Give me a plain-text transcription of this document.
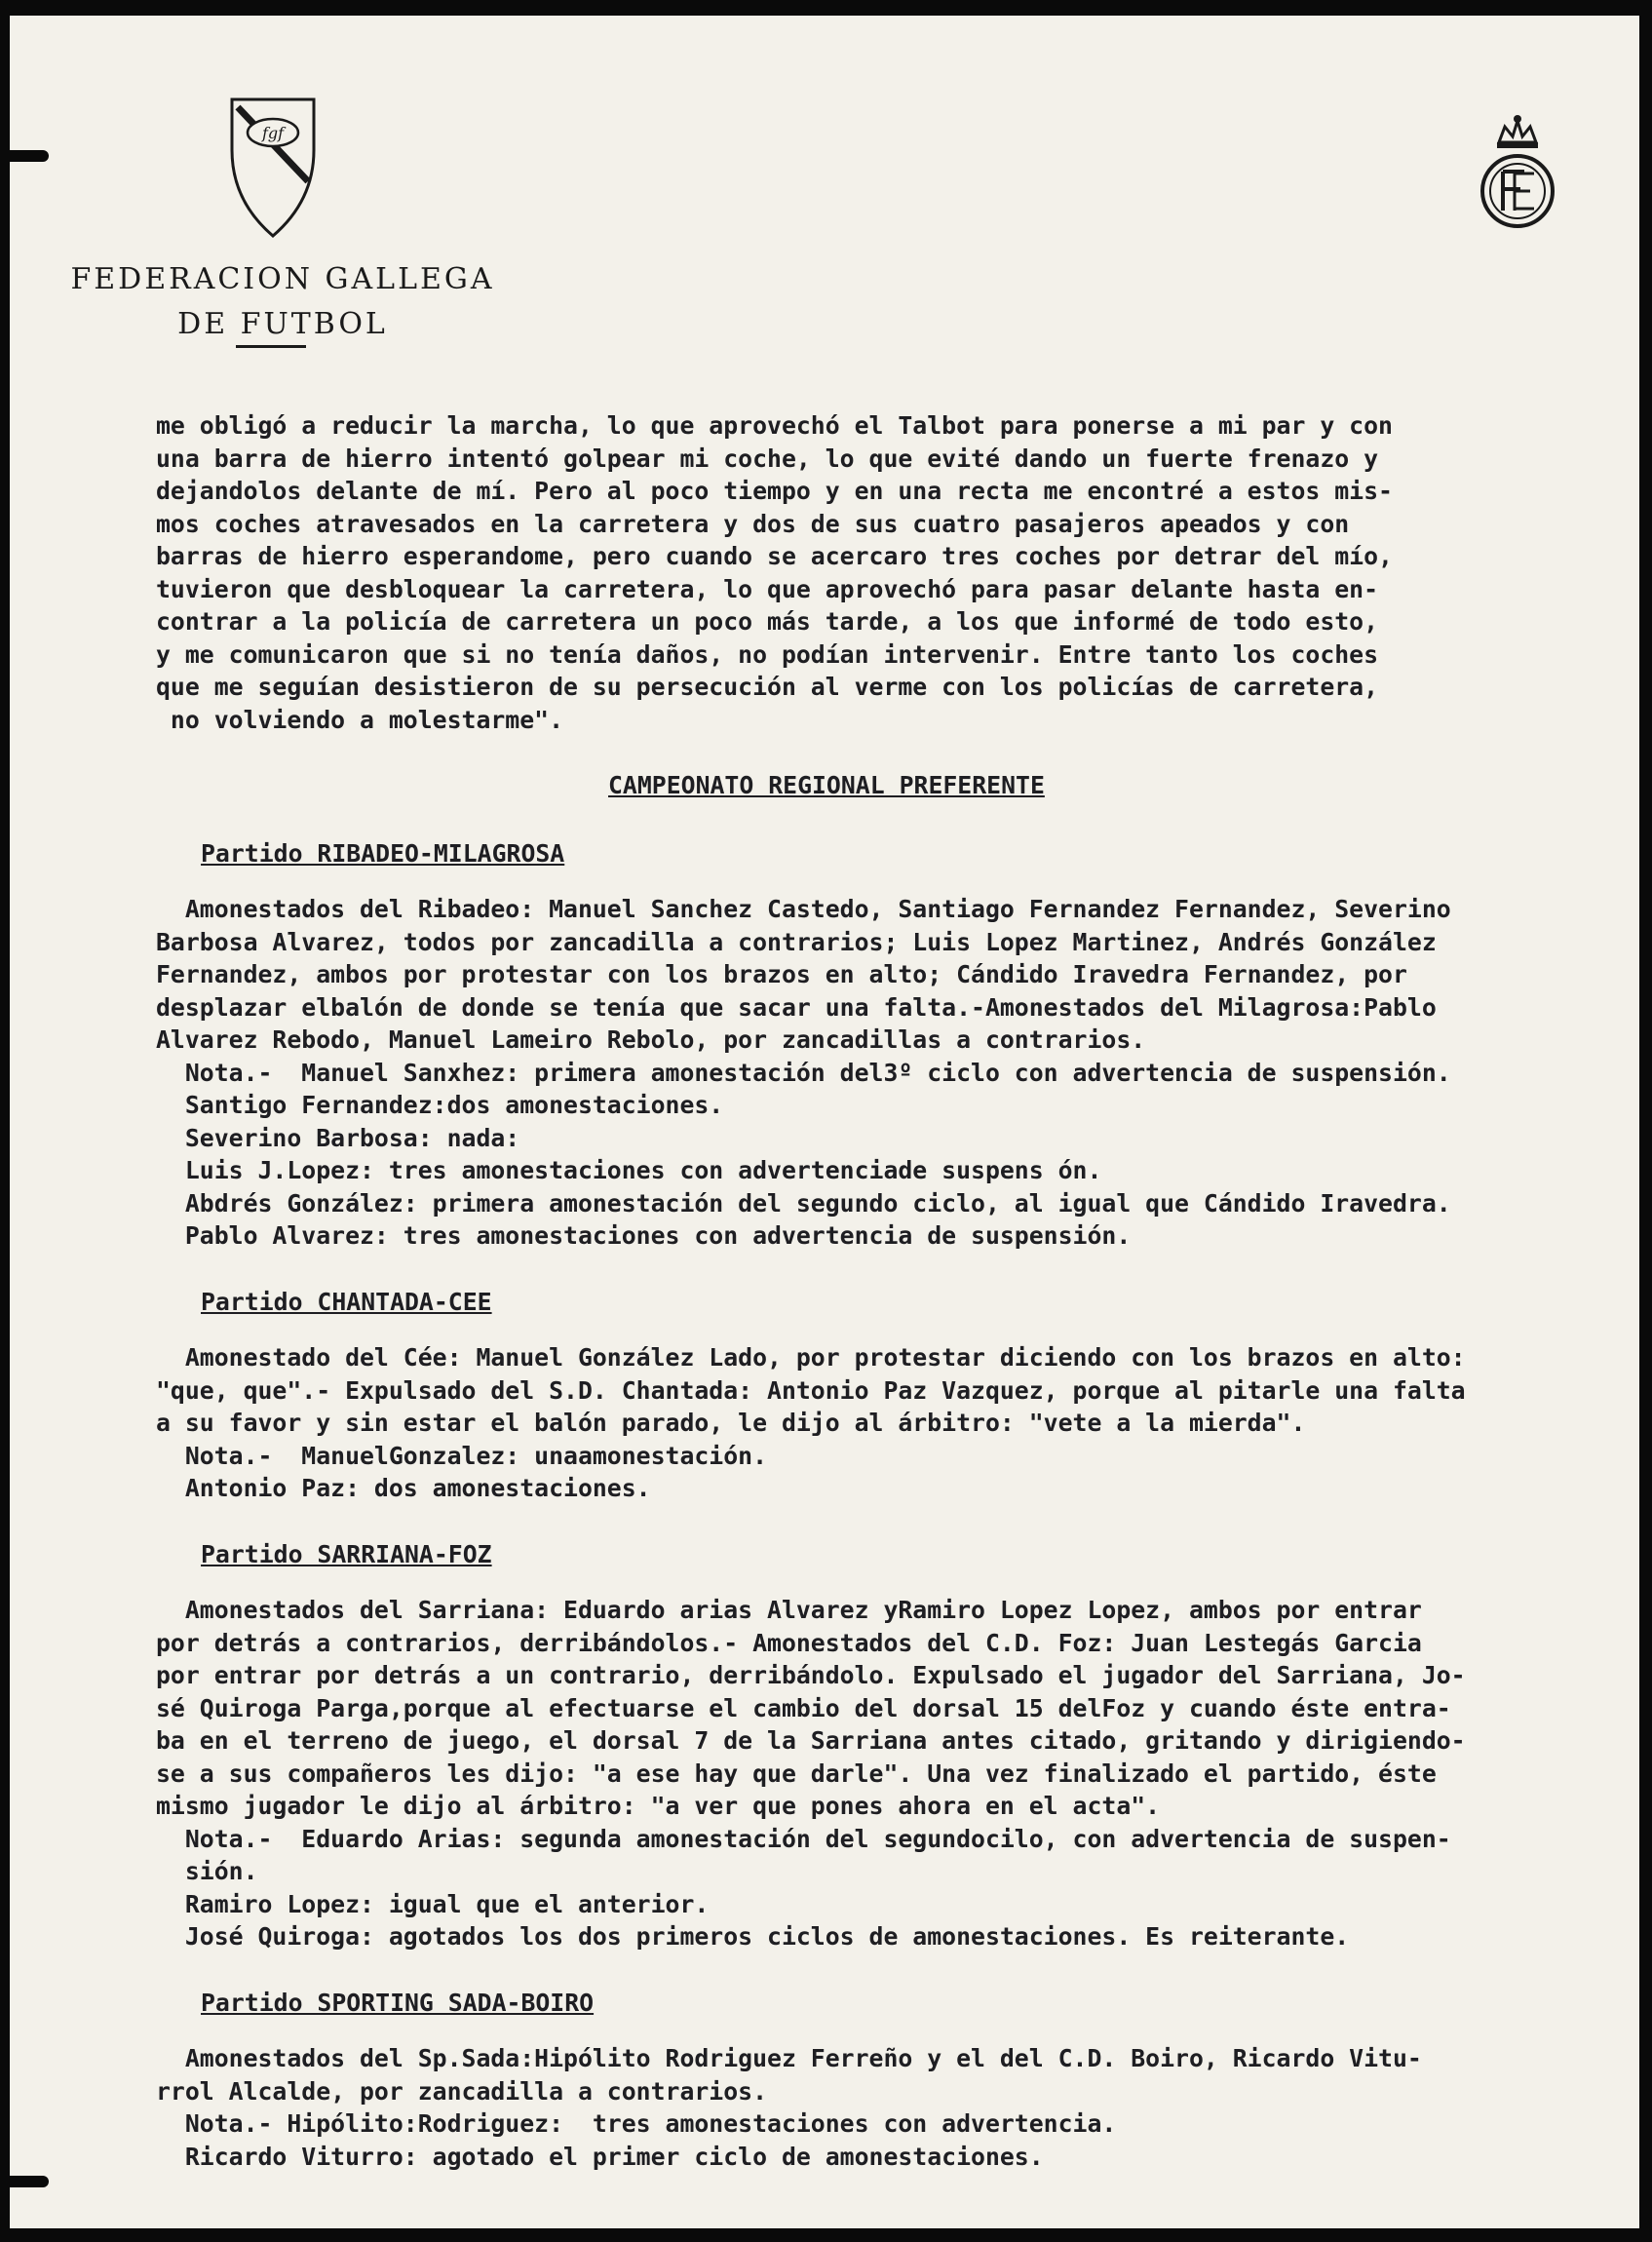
fgf
FEDERACION GALLEGA
DE FUTBOL
me obligó a reducir la marcha, lo que aprovechó el Talbot para ponerse a mi par y con
una barra de hierro intentó golpear mi coche, lo que evité dando un fuerte frenazo y
dejandolos delante de mí. Pero al poco tiempo y en una recta me encontré a estos mis-
mos coches atravesados en la carretera y dos de sus cuatro pasajeros apeados y con
barras de hierro esperandome, pero cuando se acercaro tres coches por detrar del mío,
tuvieron que desbloquear la carretera, lo que aprovechó para pasar delante hasta en-
contrar a la policía de carretera un poco más tarde, a los que informé de todo esto,
y me comunicaron que si no tenía daños, no podían intervenir. Entre tanto los coches
que me seguían desistieron de su persecución al verme con los policías de carretera,
no volviendo a molestarme".
CAMPEONATO REGIONAL PREFERENTE
Partido RIBADEO-MILAGROSA
Amonestados del Ribadeo: Manuel Sanchez Castedo, Santiago Fernandez Fernandez, Severino
Barbosa Alvarez, todos por zancadilla a contrarios; Luis Lopez Martinez, Andrés González
Fernandez, ambos por protestar con los brazos en alto; Cándido Iravedra Fernandez, por
desplazar elbalón de donde se tenía que sacar una falta.-Amonestados del Milagrosa:Pablo
Alvarez Rebodo, Manuel Lameiro Rebolo, por zancadillas a contrarios.
Nota.-  Manuel Sanxhez: primera amonestación del3º ciclo con advertencia de suspensión.
Santigo Fernandez:dos amonestaciones.
Severino Barbosa: nada:
Luis J.Lopez: tres amonestaciones con advertenciade suspens ón.
Abdrés González: primera amonestación del segundo ciclo, al igual que Cándido Iravedra.
Pablo Alvarez: tres amonestaciones con advertencia de suspensión.
Partido CHANTADA-CEE
Amonestado del Cée: Manuel González Lado, por protestar diciendo con los brazos en alto:
"que, que".- Expulsado del S.D. Chantada: Antonio Paz Vazquez, porque al pitarle una falta
a su favor y sin estar el balón parado, le dijo al árbitro: "vete a la mierda".
Nota.-  ManuelGonzalez: unaamonestación.
Antonio Paz: dos amonestaciones.
Partido SARRIANA-FOZ
Amonestados del Sarriana: Eduardo arias Alvarez yRamiro Lopez Lopez, ambos por entrar
por detrás a contrarios, derribándolos.- Amonestados del C.D. Foz: Juan Lestegás Garcia
por entrar por detrás a un contrario, derribándolo. Expulsado el jugador del Sarriana, Jo-
sé Quiroga Parga,porque al efectuarse el cambio del dorsal 15 delFoz y cuando éste entra-
ba en el terreno de juego, el dorsal 7 de la Sarriana antes citado, gritando y dirigiendo-
se a sus compañeros les dijo: "a ese hay que darle". Una vez finalizado el partido, éste
mismo jugador le dijo al árbitro: "a ver que pones ahora en el acta".
Nota.-  Eduardo Arias: segunda amonestación del segundocilo, con advertencia de suspen-
sión.
Ramiro Lopez: igual que el anterior.
José Quiroga: agotados los dos primeros ciclos de amonestaciones. Es reiterante.
Partido SPORTING SADA-BOIRO
Amonestados del Sp.Sada:Hipólito Rodriguez Ferreño y el del C.D. Boiro, Ricardo Vitu-
rrol Alcalde, por zancadilla a contrarios.
Nota.- Hipólito:Rodriguez:  tres amonestaciones con advertencia.
Ricardo Viturro: agotado el primer ciclo de amonestaciones.
